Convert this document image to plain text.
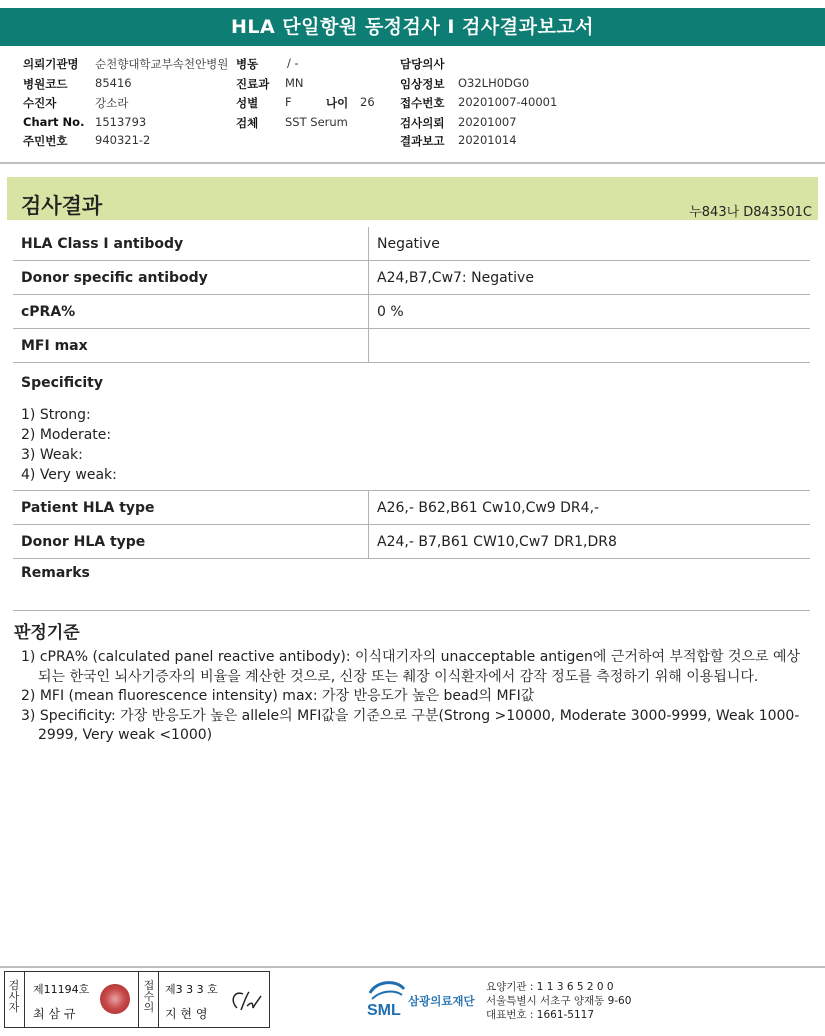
HLA 단일항원 동정검사 I 검사결과보고서
의뢰기관명 순천향대학교부속천안병원
병원코드 85416
수진자	강소라
Chart No. 1513793
주민번호 940321-2
병동	/ -
진료과 MN
성별 F	나이 26
검체 SST Serum
담당의사
임상정보 O32LH0DG0
접수번호 20201007-40001
검사의뢰 20201007
결과보고 20201014
검사결과	누843나 D843501C
HLA Class I antibody	Negative
Donor specific antibody	A24,B7,Cw7: Negative
cPRA%	0 %
MFI max	

Specificity
1) Strong:
2) Moderate:
3) Weak:
4) Very weak:	

Patient HLA type	A26,- B62,B61 Cw10,Cw9 DR4,-
Donor HLA type	A24,- B7,B61 CW10,Cw7 DR1,DR8
Remarks	
판정기준
1) cPRA% (calculated panel reactive antibody): 이식대기자의 unacceptable antigen에 근거하여 부적합할 것으로 예상되는 한국인 뇌사기증자의 비율을 계산한 것으로, 신장 또는 췌장 이식환자에서 감작 정도를 측정하기 위해 이용됩니다.
2) MFI (mean fluorescence intensity) max: 가장 반응도가 높은 bead의 MFI값
3) Specificity: 가장 반응도가 높은 allele의 MFI값을 기준으로 구분(Strong >10000, Moderate 3000-9999, Weak 1000-2999, Very weak <1000)
검사자
제11194호
최 삼 규
접수의
제3 3 3 호
지 현 영	SML
삼광의료재단
요양기관 : 1 1 3 6 5 2 0 0
서울특별시 서초구 양재동 9-60
대표번호 : 1661-5117
